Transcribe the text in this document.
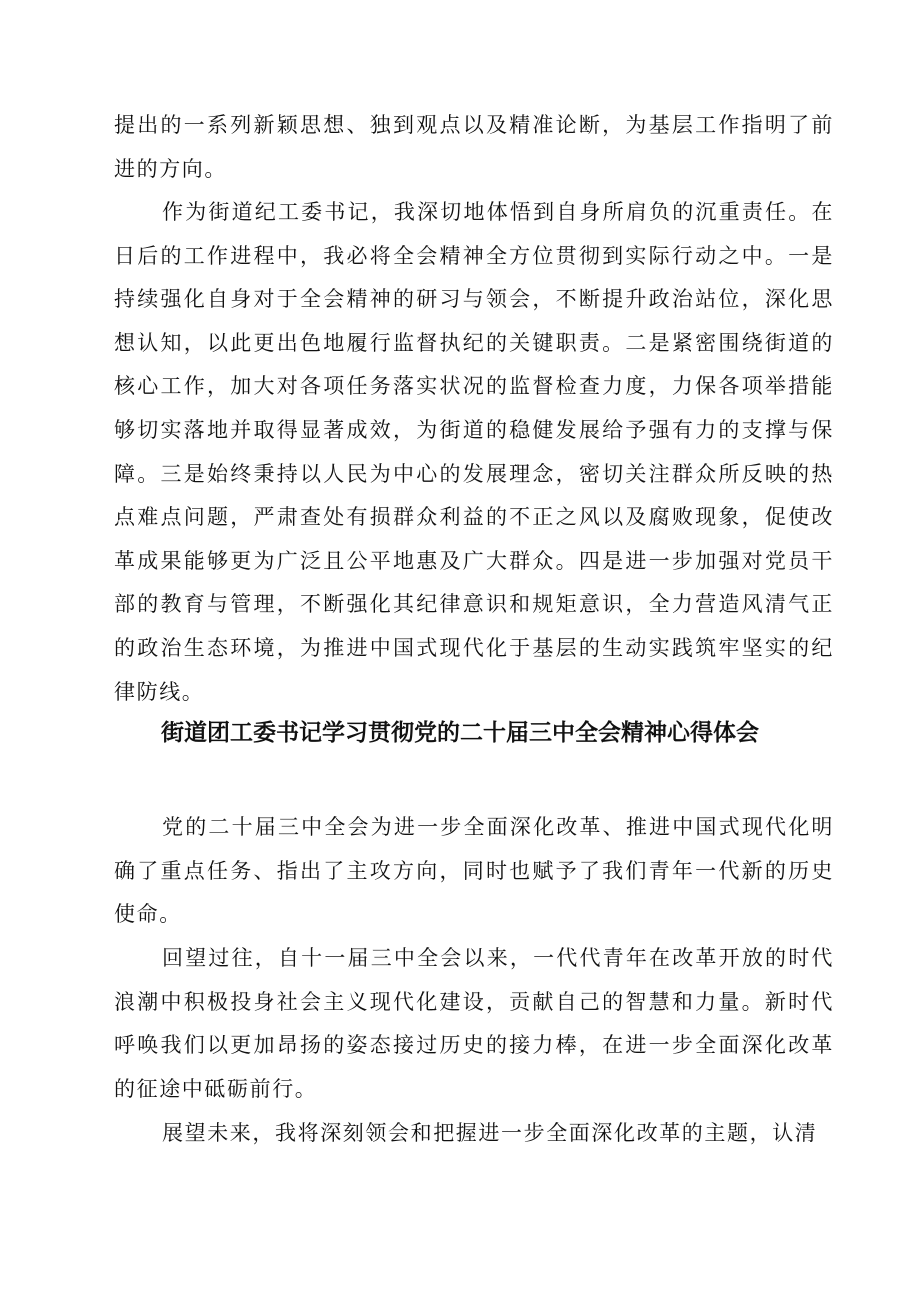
提出的一系列新颖思想、独到观点以及精准论断，为基层工作指明了前进的方向。

作为街道纪工委书记，我深切地体悟到自身所肩负的沉重责任。在日后的工作进程中，我必将全会精神全方位贯彻到实际行动之中。一是持续强化自身对于全会精神的研习与领会，不断提升政治站位，深化思想认知，以此更出色地履行监督执纪的关键职责。二是紧密围绕街道的核心工作，加大对各项任务落实状况的监督检查力度，力保各项举措能够切实落地并取得显著成效，为街道的稳健发展给予强有力的支撑与保障。三是始终秉持以人民为中心的发展理念，密切关注群众所反映的热点难点问题，严肃查处有损群众利益的不正之风以及腐败现象，促使改革成果能够更为广泛且公平地惠及广大群众。四是进一步加强对党员干部的教育与管理，不断强化其纪律意识和规矩意识，全力营造风清气正的政治生态环境，为推进中国式现代化于基层的生动实践筑牢坚实的纪律防线。

街道团工委书记学习贯彻党的二十届三中全会精神心得体会

党的二十届三中全会为进一步全面深化改革、推进中国式现代化明确了重点任务、指出了主攻方向，同时也赋予了我们青年一代新的历史使命。

回望过往，自十一届三中全会以来，一代代青年在改革开放的时代浪潮中积极投身社会主义现代化建设，贡献自己的智慧和力量。新时代呼唤我们以更加昂扬的姿态接过历史的接力棒，在进一步全面深化改革的征途中砥砺前行。

展望未来，我将深刻领会和把握进一步全面深化改革的主题，认清
